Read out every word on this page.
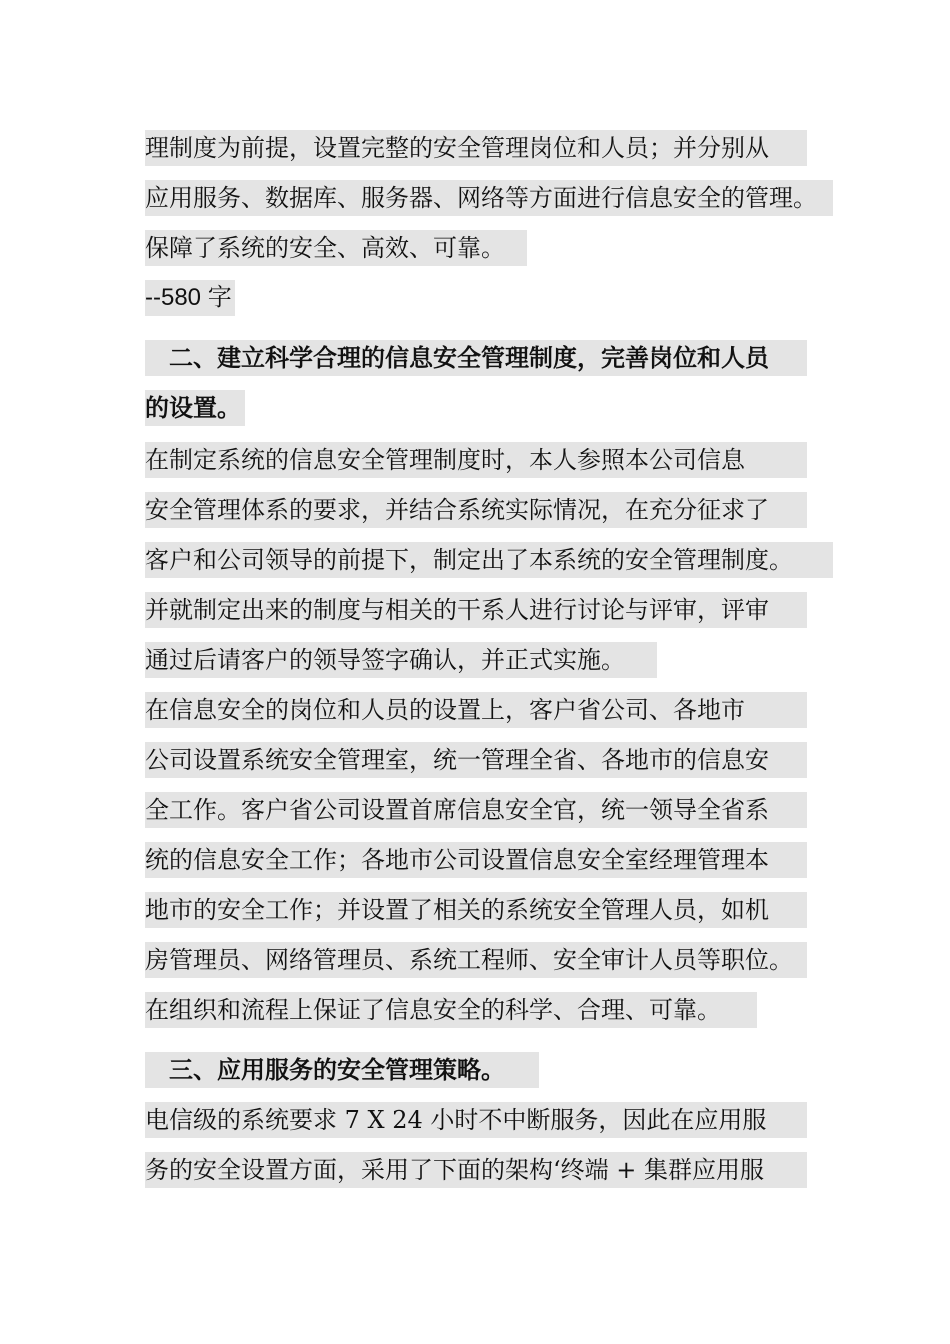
理制度为前提，设置完整的安全管理岗位和人员；并分别从
应用服务、数据库、服务器、网络等方面进行信息安全的管理。
保障了系统的安全、高效、可靠。
--580 字
　二、建立科学合理的信息安全管理制度，完善岗位和人员
的设置。
在制定系统的信息安全管理制度时，本人参照本公司信息
安全管理体系的要求，并结合系统实际情况，在充分征求了
客户和公司领导的前提下，制定出了本系统的安全管理制度。
并就制定出来的制度与相关的干系人进行讨论与评审，评审
通过后请客户的领导签字确认，并正式实施。
在信息安全的岗位和人员的设置上，客户省公司、各地市
公司设置系统安全管理室，统一管理全省、各地市的信息安
全工作。客户省公司设置首席信息安全官，统一领导全省系
统的信息安全工作；各地市公司设置信息安全室经理管理本
地市的安全工作；并设置了相关的系统安全管理人员，如机
房管理员、网络管理员、系统工程师、安全审计人员等职位。
在组织和流程上保证了信息安全的科学、合理、可靠。
　三、应用服务的安全管理策略。
电信级的系统要求 7 X 24 小时不中断服务，因此在应用服
务的安全设置方面，采用了下面的架构‘终端 + 集群应用服
